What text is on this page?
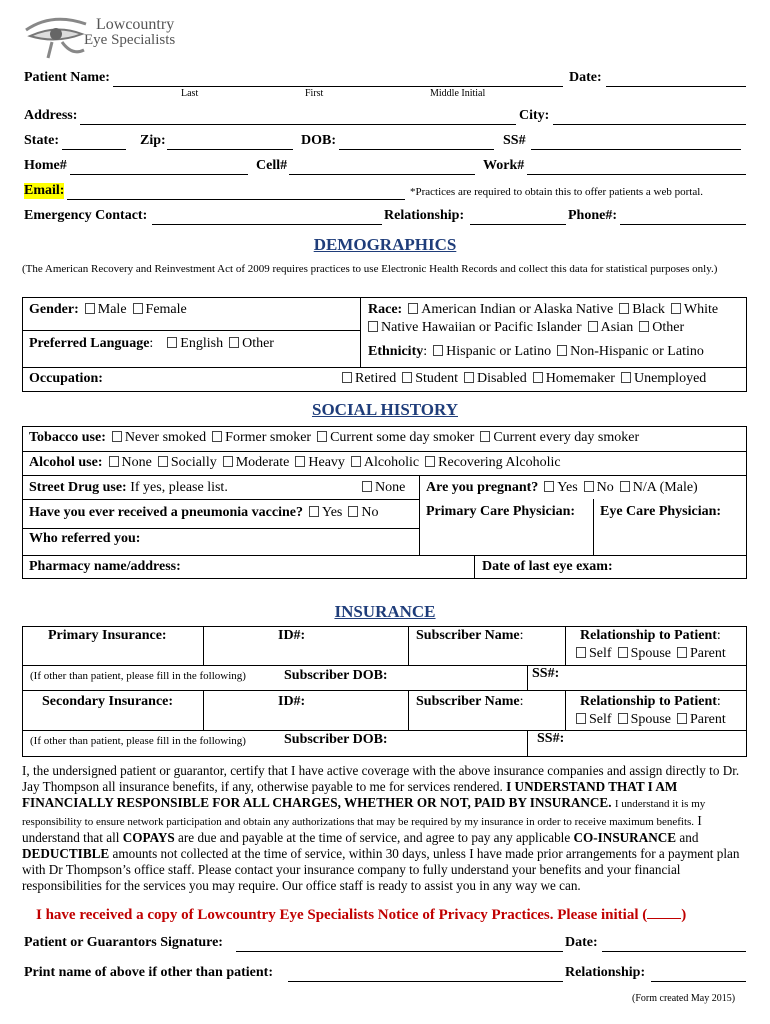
Lowcountry
Eye Specialists
Patient Name:	Date:
Last	First	Middle Initial
Address:	City:
State:	Zip:	DOB:	SS#
Home#	Cell#	Work#
Email:	*Practices are required to obtain this to offer patients a web portal.
Emergency Contact:	Relationship:	Phone#:
DEMOGRAPHICS
(The American Recovery and Reinvestment Act of 2009 requires practices to use Electronic Health Records and collect this data for statistical purposes only.)
Gender: Male Female	Race: American Indian or Alaska Native Black White
Native Hawaiian or Pacific Islander Asian Other
Preferred Language: English Other
Ethnicity: Hispanic or Latino Non-Hispanic or Latino
Occupation:	Retired Student Disabled Homemaker Unemployed
SOCIAL HISTORY
Tobacco use: Never smoked Former smoker Current some day smoker Current every day smoker
Alcohol use: None Socially Moderate Heavy Alcoholic Recovering Alcoholic
Street Drug use: If yes, please list.	None Are you pregnant? Yes No N/A (Male)
Have you ever received a pneumonia vaccine? Yes No	Primary Care Physician: Eye Care Physician:
Who referred you:
Pharmacy name/address:	Date of last eye exam:
INSURANCE
Primary Insurance:	ID#:	Subscriber Name:	Relationship to Patient:
Self Spouse Parent
(If other than patient, please fill in the following)	Subscriber DOB:	SS#:
Secondary Insurance:	ID#:	Subscriber Name:	Relationship to Patient:
Self Spouse Parent
(If other than patient, please fill in the following)	Subscriber DOB:	SS#:
I, the undersigned patient or guarantor, certify that I have active coverage with the above insurance companies and assign directly to Dr. Jay Thompson all insurance benefits, if any, otherwise payable to me for services rendered. I UNDERSTAND THAT I AM FINANCIALLY RESPONSIBLE FOR ALL CHARGES, WHETHER OR NOT, PAID BY INSURANCE. I understand it is my responsibility to ensure network participation and obtain any authorizations that may be required by my insurance in order to receive maximum benefits. I understand that all COPAYS are due and payable at the time of service, and agree to pay any applicable CO-INSURANCE and DEDUCTIBLE amounts not collected at the time of service, within 30 days, unless I have made prior arrangements for a payment plan with Dr Thompson’s office staff. Please contact your insurance company to fully understand your benefits and your financial responsibilities for the services you may require. Our office staff is ready to assist you in any way we can.
I have received a copy of Lowcountry Eye Specialists Notice of Privacy Practices. Please initial ( )
Patient or Guarantors Signature:	Date:
Print name of above if other than patient:	Relationship:
(Form created May 2015)
